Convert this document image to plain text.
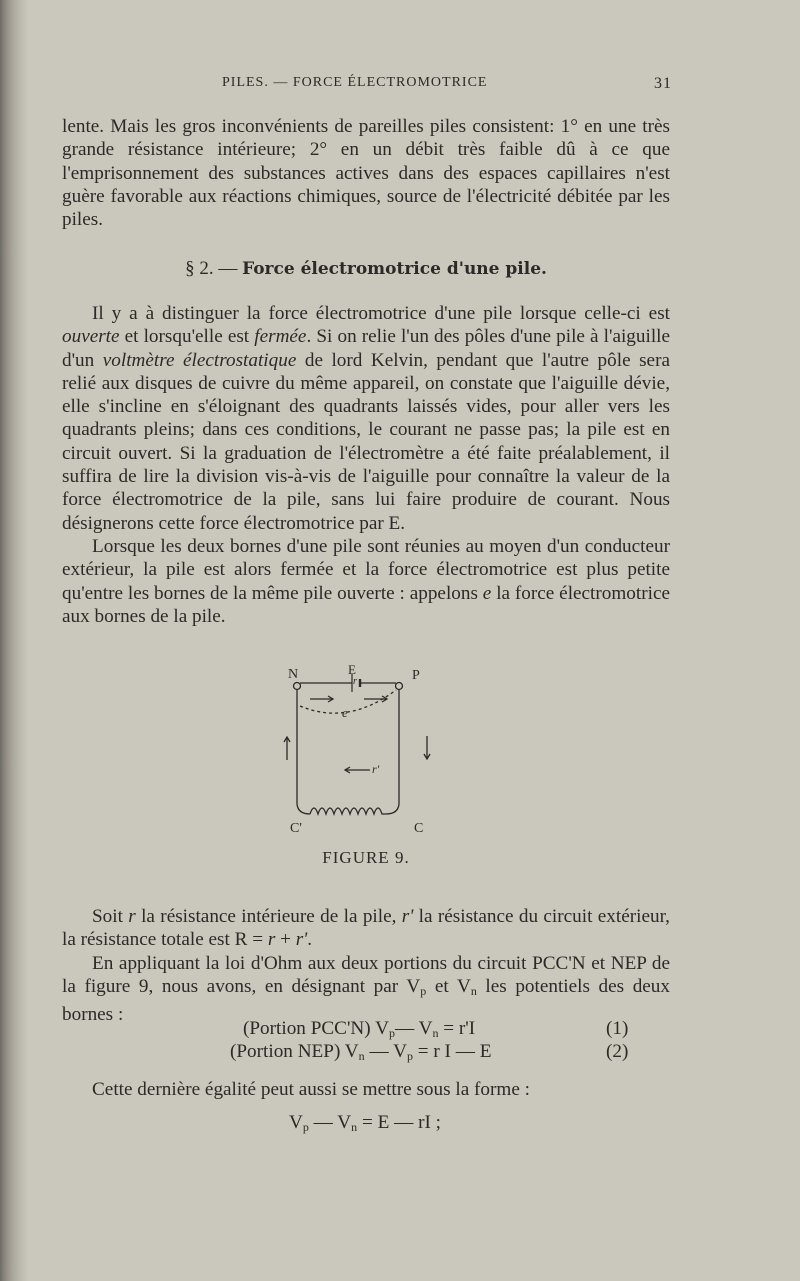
PILES. — FORCE ÉLECTROMOTRICE	31

lente. Mais les gros inconvénients de pareilles piles consistent: 1° en une très grande résistance intérieure; 2° en un débit très faible dû à ce que l'emprisonnement des substances actives dans des espaces capillaires n'est guère favorable aux réactions chimiques, source de l'électricité débitée par les piles.

§ 2. — Force électromotrice d'une pile.

Il y a à distinguer la force électromotrice d'une pile lorsque celle-ci est ouverte et lorsqu'elle est fermée. Si on relie l'un des pôles d'une pile à l'aiguille d'un voltmètre électrostatique de lord Kelvin, pendant que l'autre pôle sera relié aux disques de cuivre du même appareil, on constate que l'aiguille dévie, elle s'incline en s'éloignant des quadrants laissés vides, pour aller vers les quadrants pleins; dans ces conditions, le courant ne passe pas; la pile est en circuit ouvert. Si la graduation de l'électromètre a été faite préalablement, il suffira de lire la division vis-à-vis de l'aiguille pour connaître la valeur de la force électromotrice de la pile, sans lui faire produire de courant. Nous désignerons cette force électromotrice par E.

Lorsque les deux bornes d'une pile sont réunies au moyen d'un conducteur extérieur, la pile est alors fermée et la force électromotrice est plus petite qu'entre les bornes de la même pile ouverte : appelons e la force électromotrice aux bornes de la pile.

N	E	P
r
e
r'
C'	C
FIGURE 9.

Soit r la résistance intérieure de la pile, r' la résistance du circuit extérieur, la résistance totale est R = r + r'.

En appliquant la loi d'Ohm aux deux portions du circuit PCC'N et NEP de la figure 9, nous avons, en désignant par $V_p$ et $V_n$ les potentiels des deux bornes :

(Portion PCC'N) $V_p—$ $V_n = r'I$	(1)
(Portion NEP) $V_n$ — $V_p = r$ I — E	(2)

Cette dernière égalité peut aussi se mettre sous la forme :

$V_p$ — $V_n = E$ — rI ;
